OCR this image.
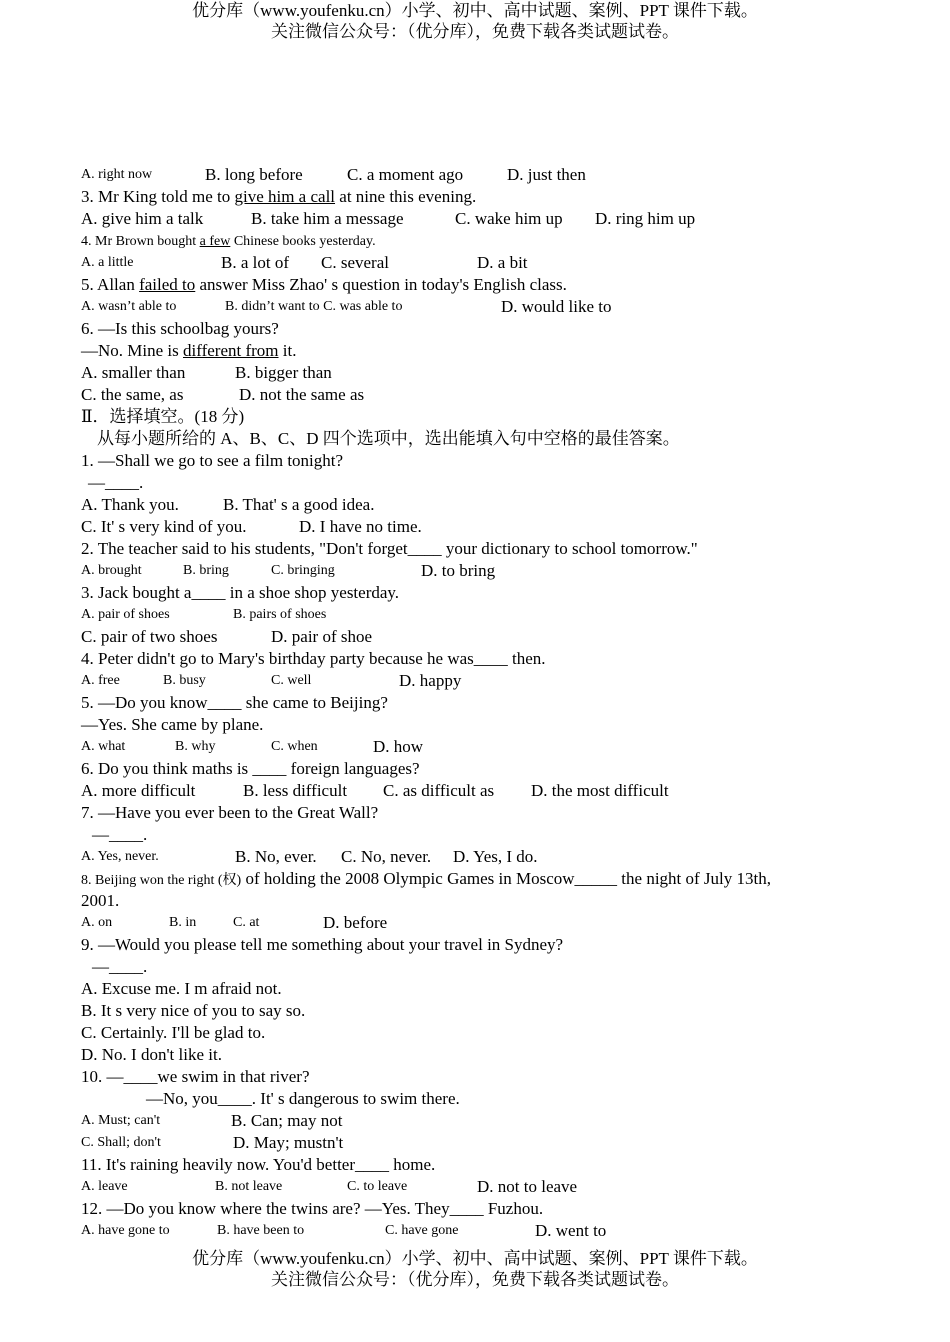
优分库（www.youfenku.cn）小学、初中、高中试题、案例、PPT 课件下载。
关注微信公众号：（优分库），免费下载各类试题试卷。
A. right now	B. long before	C. a moment ago	D. just then
3. Mr King told me to give him a call at nine this evening.
A. give him a talk	B. take him a message	C. wake him up D. ring him up
4. Mr Brown bought a few Chinese books yesterday.
A. a little	B. a lot of C. several	D. a bit
5. Allan failed to answer Miss Zhao' s question in today's English class.
A. wasn’t able to	B. didn’t want to C. was able to	D. would like to
6. —Is this schoolbag yours?
—No. Mine is different from it.
A. smaller than	B. bigger than
C. the same, as	D. not the same as
Ⅱ．选择填空。(18 分)
从每小题所给的 A、B、C、D 四个选项中，选出能填入句中空格的最佳答案。
1. —Shall we go to see a film tonight?
—____.
A. Thank you.	B. That' s a good idea.
C. It' s very kind of you.	D. I have no time.
2. The teacher said to his students, "Don't forget____ your dictionary to school tomorrow."
A. brought	B. bring	C. bringing	D. to bring
3. Jack bought a____ in a shoe shop yesterday.
A. pair of shoes	B. pairs of shoes
C. pair of two shoes	D. pair of shoe
4. Peter didn't go to Mary's birthday party because he was____ then.
A. free	B. busy	C. well	D. happy
5. —Do you know____ she came to Beijing?
—Yes. She came by plane.
A. what	B. why	C. when	D. how
6. Do you think maths is ____ foreign languages?
A. more difficult	B. less difficult C. as difficult as D. the most difficult
7. —Have you ever been to the Great Wall?
—____.
A. Yes, never.	B. No, ever. C. No, never. D. Yes, I do.
8. Beijing won the right (权) of holding the 2008 Olympic Games in Moscow_____ the night of July 13th,
2001.
A. on	B. in	C. at	D. before
9. —Would you please tell me something about your travel in Sydney?
—____.
A. Excuse me. I m afraid not.
B. It s very nice of you to say so.
C. Certainly. I'll be glad to.
D. No. I don't like it.
10. —____we swim in that river?
—No, you____. It' s dangerous to swim there.
A. Must; can't	B. Can; may not
C. Shall; don't	D. May; mustn't
11. It's raining heavily now. You'd better____ home.
A. leave	B. not leave	C. to leave	D. not to leave
12. —Do you know where the twins are? —Yes. They____ Fuzhou.
A. have gone to	B. have been to	C. have gone	D. went to
优分库（www.youfenku.cn）小学、初中、高中试题、案例、PPT 课件下载。
关注微信公众号：（优分库），免费下载各类试题试卷。
